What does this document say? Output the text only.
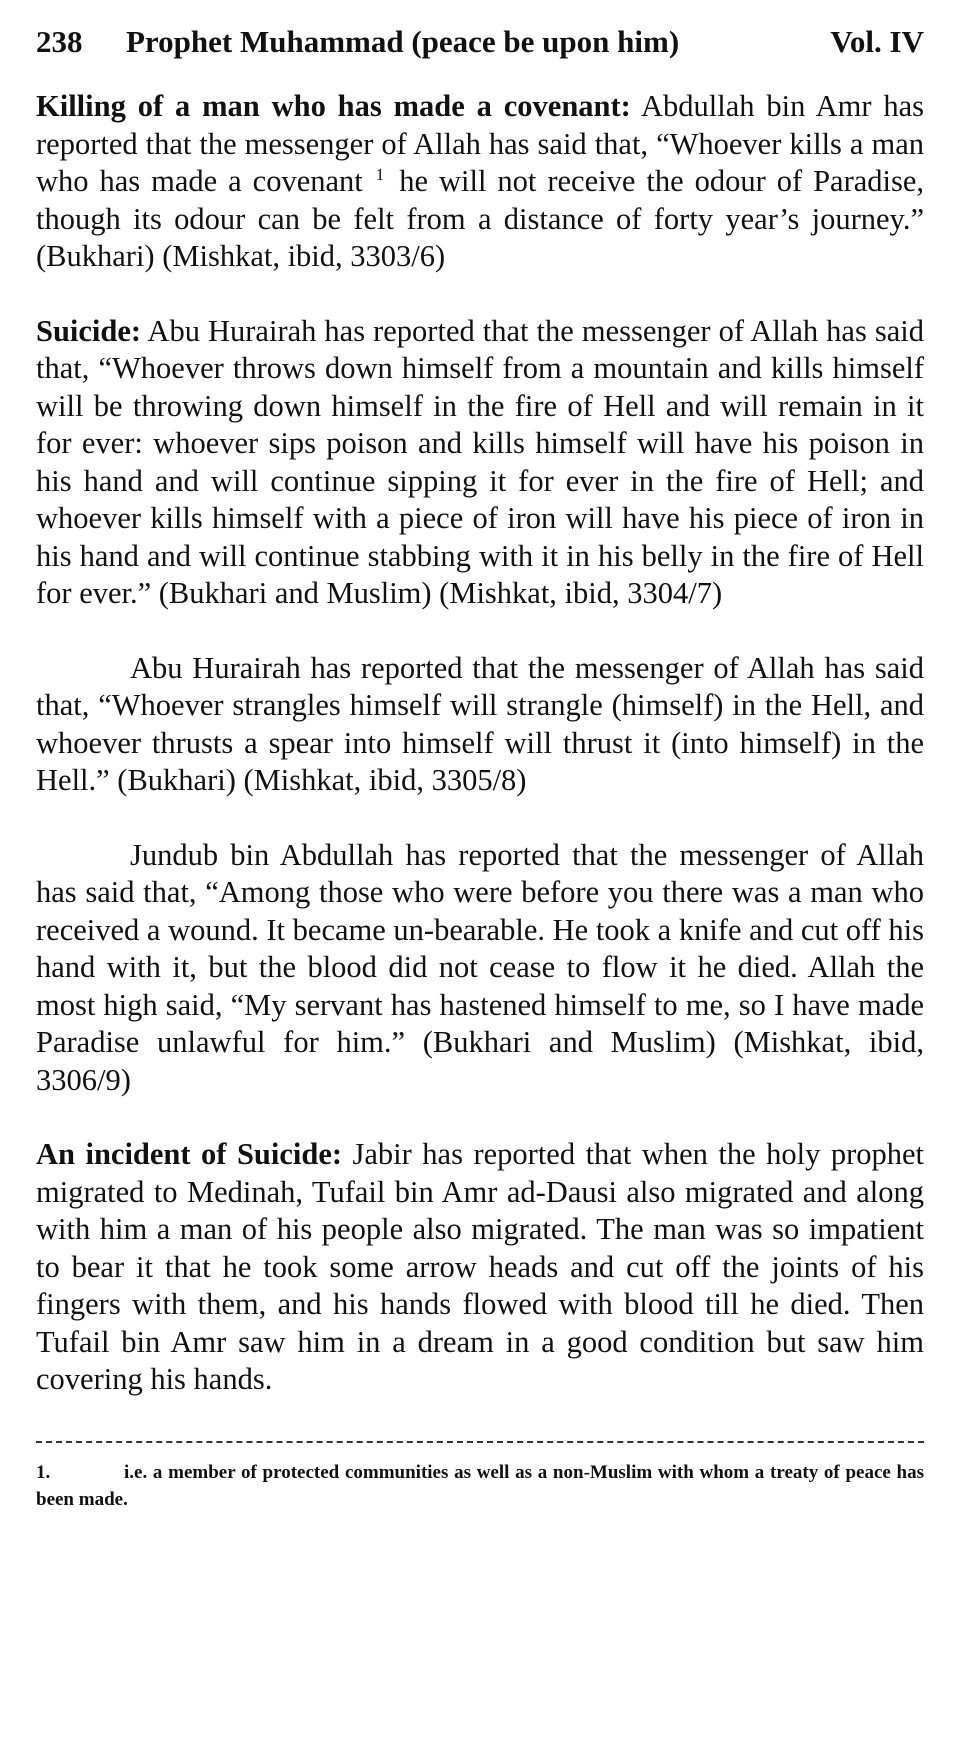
238	Prophet Muhammad (peace be upon him)	Vol. IV

Killing of a man who has made a covenant: Abdullah bin Amr has reported that the messenger of Allah has said that, “Whoever kills a man who has made a covenant $^1$ he will not receive the odour of Paradise, though its odour can be felt from a distance of forty year’s journey.” (Bukhari) (Mishkat, ibid, 3303/6)

Suicide: Abu Hurairah has reported that the messenger of Allah has said that, “Whoever throws down himself from a mountain and kills himself will be throwing down himself in the fire of Hell and will remain in it for ever: whoever sips poison and kills himself will have his poison in his hand and will continue sipping it for ever in the fire of Hell; and whoever kills himself with a piece of iron will have his piece of iron in his hand and will continue stabbing with it in his belly in the fire of Hell for ever.” (Bukhari and Muslim) (Mishkat, ibid, 3304/7)

Abu Hurairah has reported that the messenger of Allah has said that, “Whoever strangles himself will strangle (himself) in the Hell, and whoever thrusts a spear into himself will thrust it (into himself) in the Hell.” (Bukhari) (Mishkat, ibid, 3305/8)

Jundub bin Abdullah has reported that the messenger of Allah has said that, “Among those who were before you there was a man who received a wound. It became un-bearable. He took a knife and cut off his hand with it, but the blood did not cease to flow it he died. Allah the most high said, “My servant has hastened himself to me, so I have made Paradise unlawful for him.” (Bukhari and Muslim) (Mishkat, ibid, 3306/9)

An incident of Suicide: Jabir has reported that when the holy prophet migrated to Medinah, Tufail bin Amr ad-Dausi also migrated and along with him a man of his people also migrated. The man was so impatient to bear it that he took some arrow heads and cut off the joints of his fingers with them, and his hands flowed with blood till he died. Then Tufail bin Amr saw him in a dream in a good condition but saw him covering his hands.

1.	i.e. a member of protected communities as well as a non-Muslim with whom a treaty of peace has been made.
